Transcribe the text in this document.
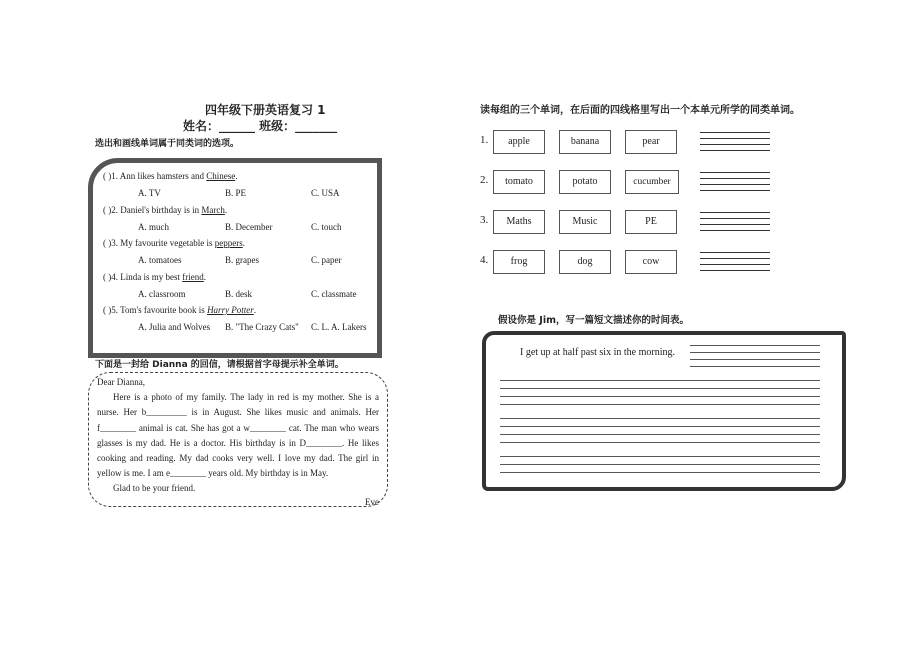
四年级下册英语复习 1
姓名：______ 班级：_______
选出和画线单词属于同类词的选项。
( )1. Ann likes hamsters and Chinese.
A. TV	B. PE	C. USA
( )2. Daniel's birthday is in March.
A. much	B. December	C. touch
( )3. My favourite vegetable is peppers.
A. tomatoes	B. grapes	C. paper
( )4. Linda is my best friend.
A. classroom	B. desk	C. classmate
( )5. Tom's favourite book is Harry Potter.
A. Julia and Wolves B. "The Crazy Cats" C. L. A. Lakers
下面是一封给 Dianna 的回信，请根据首字母提示补全单词。
Dear Dianna,
Here is a photo of my family. The lady in red is my mother. She is a nurse. Her b_________ is in August. She likes music and animals. Her f________ animal is cat. She has got a w________ cat. The man who wears glasses is my dad. He is a doctor. His birthday is in D________. He likes cooking and reading. My dad cooks very well. I love my dad. The girl in yellow is me. I am e________ years old. My birthday is in May.
Glad to be your friend.
Eve
读每组的三个单词，在后面的四线格里写出一个本单元所学的同类单词。
1.	apple	banana	pear
2.	tomato	potato	cucumber
3.	Maths	Music	PE
4.	frog	dog	cow
假设你是 Jim，写一篇短文描述你的时间表。
I get up at half past six in the morning.
